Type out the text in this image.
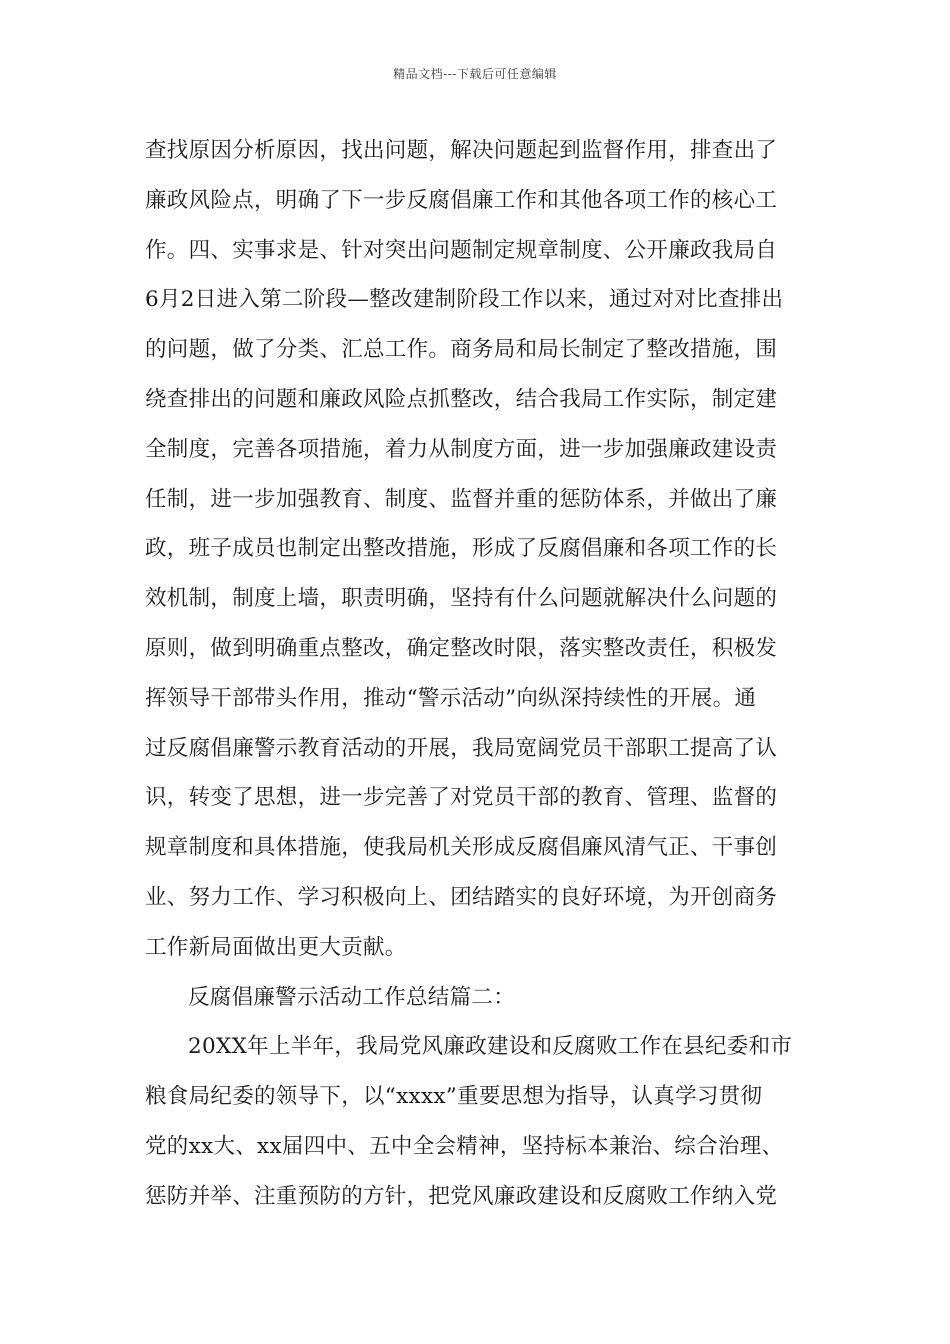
精品文档---下载后可任意编辑
查找原因分析原因，找出问题，解决问题起到监督作用，排查出了
廉政风险点，明确了下一步反腐倡廉工作和其他各项工作的核心工
作。四、实事求是、针对突出问题制定规章制度、公开廉政我局自
6月2日进入第二阶段—整改建制阶段工作以来，通过对对比查排出
的问题，做了分类、汇总工作。商务局和局长制定了整改措施，围
绕查排出的问题和廉政风险点抓整改，结合我局工作实际，制定建
全制度，完善各项措施，着力从制度方面，进一步加强廉政建设责
任制，进一步加强教育、制度、监督并重的惩防体系，并做出了廉
政，班子成员也制定出整改措施，形成了反腐倡廉和各项工作的长
效机制，制度上墙，职责明确，坚持有什么问题就解决什么问题的
原则，做到明确重点整改，确定整改时限，落实整改责任，积极发
挥领导干部带头作用，推动“警示活动”向纵深持续性的开展。通
过反腐倡廉警示教育活动的开展，我局宽阔党员干部职工提高了认
识，转变了思想，进一步完善了对党员干部的教育、管理、监督的
规章制度和具体措施，使我局机关形成反腐倡廉风清气正、干事创
业、努力工作、学习积极向上、团结踏实的良好环境，为开创商务
工作新局面做出更大贡献。
反腐倡廉警示活动工作总结篇二：
20XX年上半年，我局党风廉政建设和反腐败工作在县纪委和市
粮食局纪委的领导下，以“xxxx”重要思想为指导，认真学习贯彻
党的xx大、xx届四中、五中全会精神，坚持标本兼治、综合治理、
惩防并举、注重预防的方针，把党风廉政建设和反腐败工作纳入党
